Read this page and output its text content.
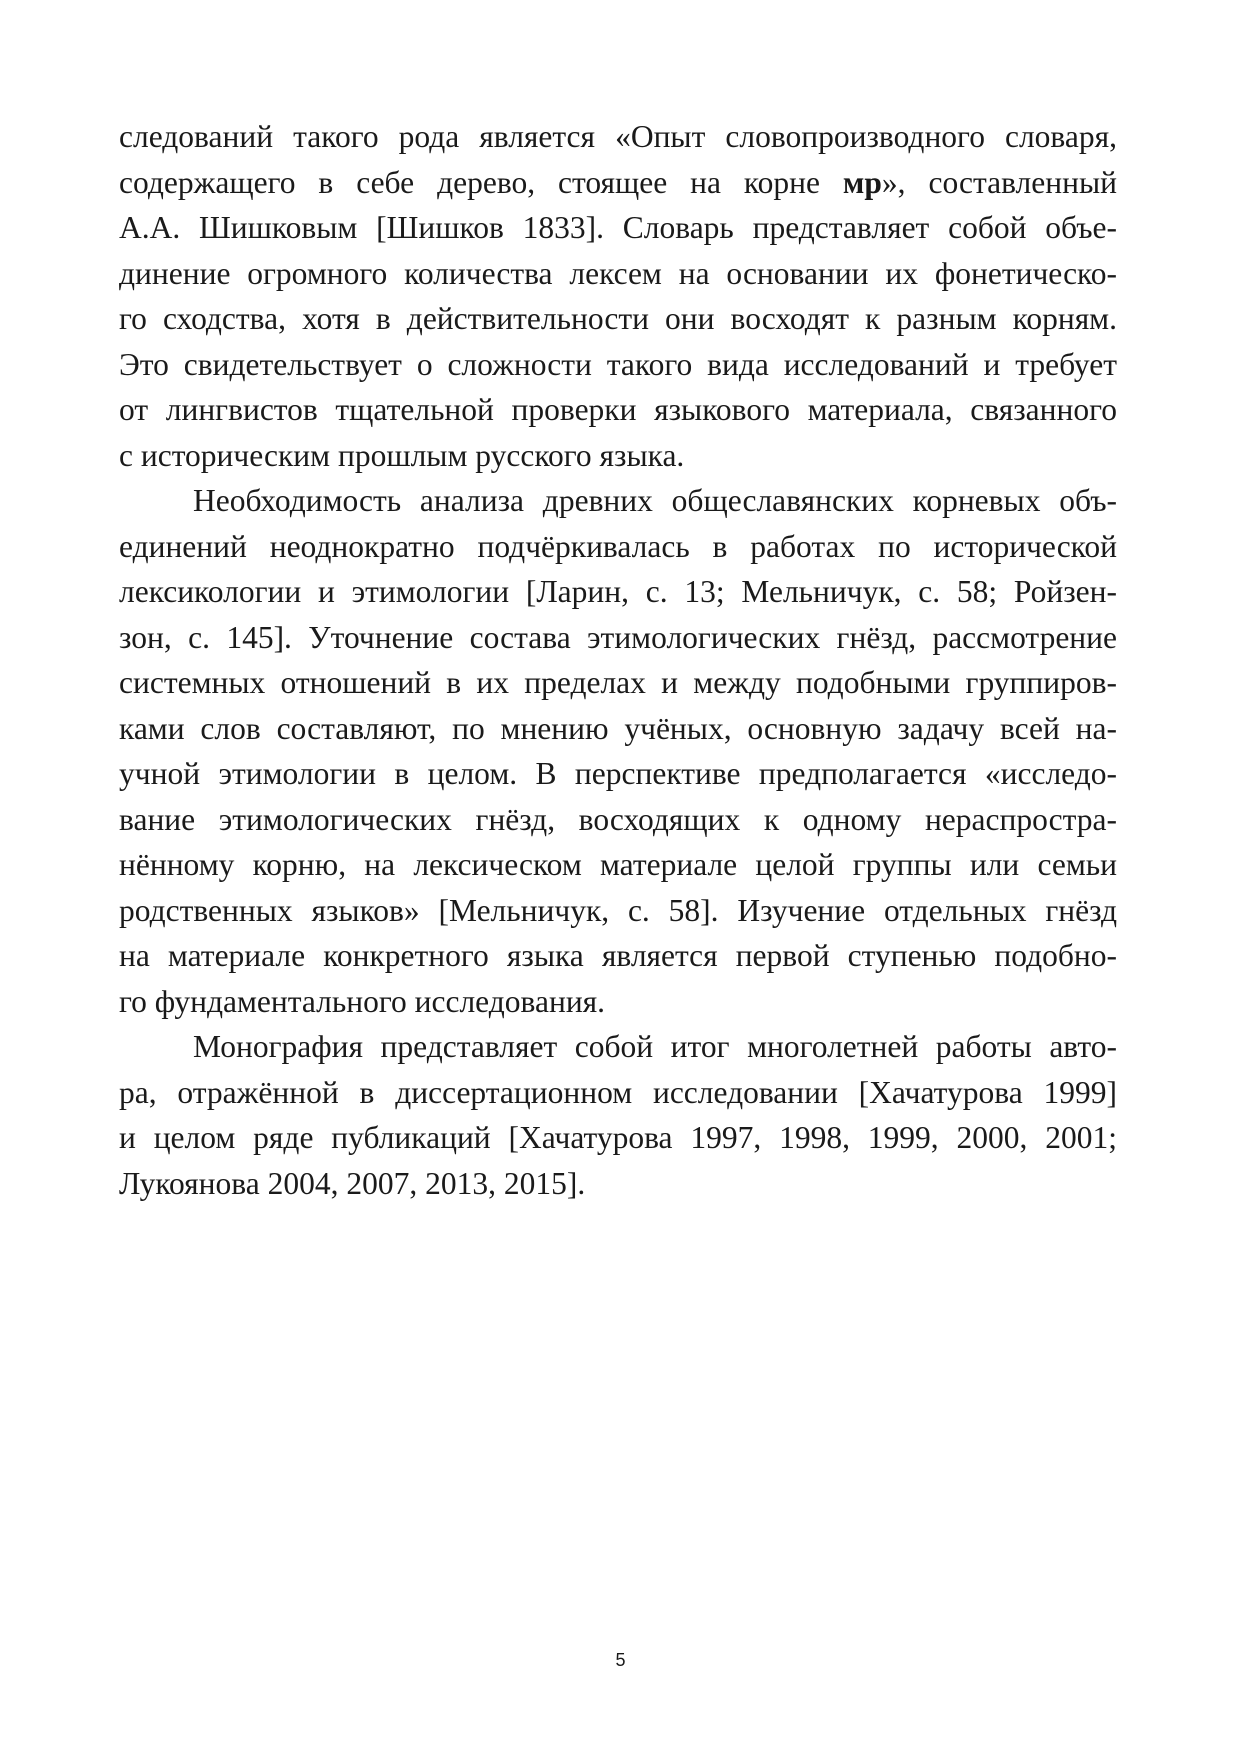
следований такого рода является «Опыт словопроизводного словаря,
содержащего в себе дерево, стоящее на корне мр», составленный
А.А. Шишковым [Шишков 1833]. Словарь представляет собой объе-
динение огромного количества лексем на основании их фонетическо-
го сходства, хотя в действительности они восходят к разным корням.
Это свидетельствует о сложности такого вида исследований и требует
от лингвистов тщательной проверки языкового материала, связанного
с историческим прошлым русского языка.
Необходимость анализа древних общеславянских корневых объ-
единений неоднократно подчёркивалась в работах по исторической
лексикологии и этимологии [Ларин, с. 13; Мельничук, с. 58; Ройзен-
зон, с. 145]. Уточнение состава этимологических гнёзд, рассмотрение
системных отношений в их пределах и между подобными группиров-
ками слов составляют, по мнению учёных, основную задачу всей на-
учной этимологии в целом. В перспективе предполагается «исследо-
вание этимологических гнёзд, восходящих к одному нераспростра-
нённому корню, на лексическом материале целой группы или семьи
родственных языков» [Мельничук, с. 58]. Изучение отдельных гнёзд
на материале конкретного языка является первой ступенью подобно-
го фундаментального исследования.
Монография представляет собой итог многолетней работы авто-
ра, отражённой в диссертационном исследовании [Хачатурова 1999]
и целом ряде публикаций [Хачатурова 1997, 1998, 1999, 2000, 2001;
Лукоянова 2004, 2007, 2013, 2015].
5
